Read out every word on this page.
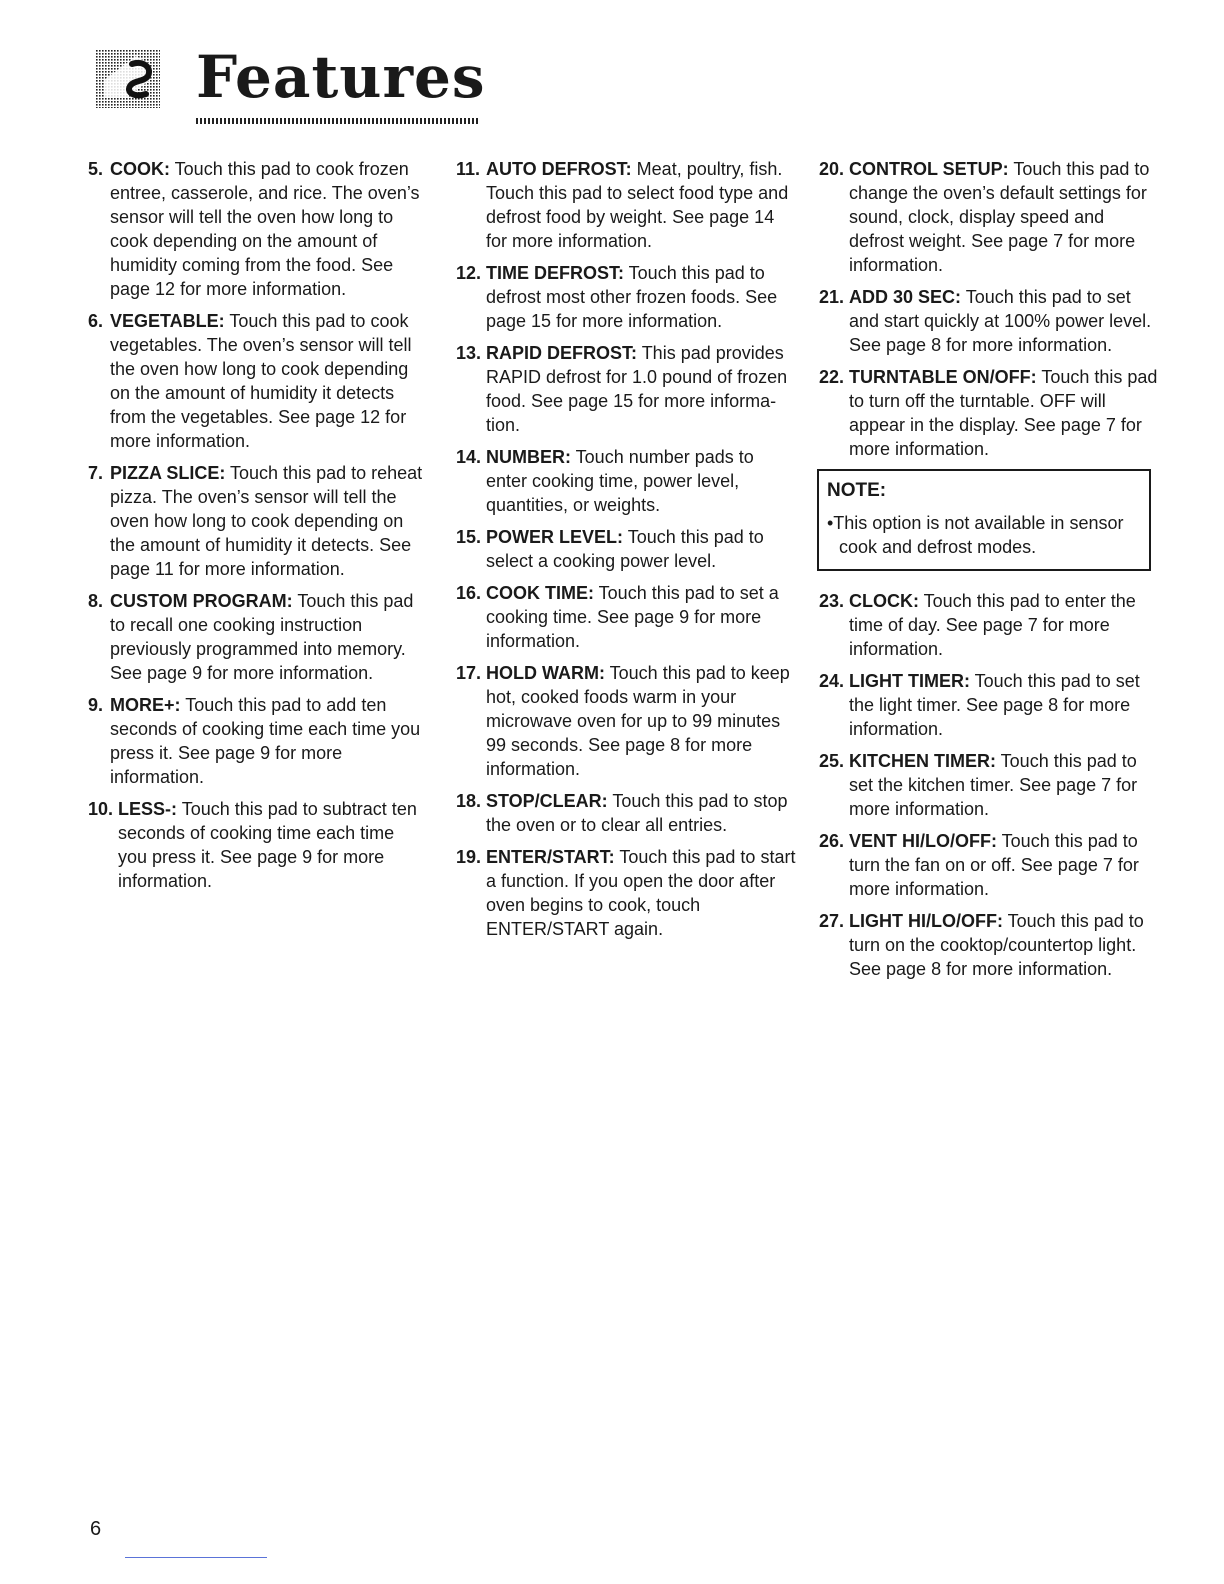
Features
5. COOK: Touch this pad to cook frozen entree, casserole, and rice. The oven’s sensor will tell the oven how long to cook depending on the amount of humidity coming from the food. See page 12 for more information.
6. VEGETABLE: Touch this pad to cook vegetables. The oven’s sensor will tell the oven how long to cook depending on the amount of humidity it detects from the vegetables. See page 12 for more information.
7. PIZZA SLICE: Touch this pad to reheat pizza. The oven’s sensor will tell the oven how long to cook depending on the amount of humidity it detects. See page 11 for more information.
8. CUSTOM PROGRAM: Touch this pad to recall one cooking instruction previously programmed into memory. See page 9 for more information.
9. MORE+: Touch this pad to add ten seconds of cooking time each time you press it. See page 9 for more information.
10. LESS-: Touch this pad to subtract ten seconds of cooking time each time you press it. See page 9 for more information.
11. AUTO DEFROST: Meat, poultry, fish. Touch this pad to select food type and defrost food by weight. See page 14 for more information.
12. TIME DEFROST: Touch this pad to defrost most other frozen foods. See page 15 for more information.
13. RAPID DEFROST: This pad provides RAPID defrost for 1.0 pound of frozen food. See page 15 for more informa-tion.
14. NUMBER: Touch number pads to enter cooking time, power level, quantities, or weights.
15. POWER LEVEL: Touch this pad to select a cooking power level.
16. COOK TIME: Touch this pad to set a cooking time. See page 9 for more information.
17. HOLD WARM: Touch this pad to keep hot, cooked foods warm in your microwave oven for up to 99 minutes 99 seconds. See page 8 for more information.
18. STOP/CLEAR: Touch this pad to stop the oven or to clear all entries.
19. ENTER/START: Touch this pad to start a function. If you open the door after oven begins to cook, touch ENTER/START again.
20. CONTROL SETUP: Touch this pad to change the oven’s default settings for sound, clock, display speed and defrost weight. See page 7 for more information.
21. ADD 30 SEC: Touch this pad to set and start quickly at 100% power level. See page 8 for more information.
22. TURNTABLE ON/OFF: Touch this pad to turn off the turntable. OFF will appear in the display. See page 7 for more information.
NOTE:
•This option is not available in sensor cook and defrost modes.
23. CLOCK: Touch this pad to enter the time of day. See page 7 for more information.
24. LIGHT TIMER: Touch this pad to set the light timer. See page 8 for more information.
25. KITCHEN TIMER: Touch this pad to set the kitchen timer. See page 7 for more information.
26. VENT HI/LO/OFF: Touch this pad to turn the fan on or off. See page 7 for more information.
27. LIGHT HI/LO/OFF: Touch this pad to turn on the cooktop/countertop light. See page 8 for more information.
6
